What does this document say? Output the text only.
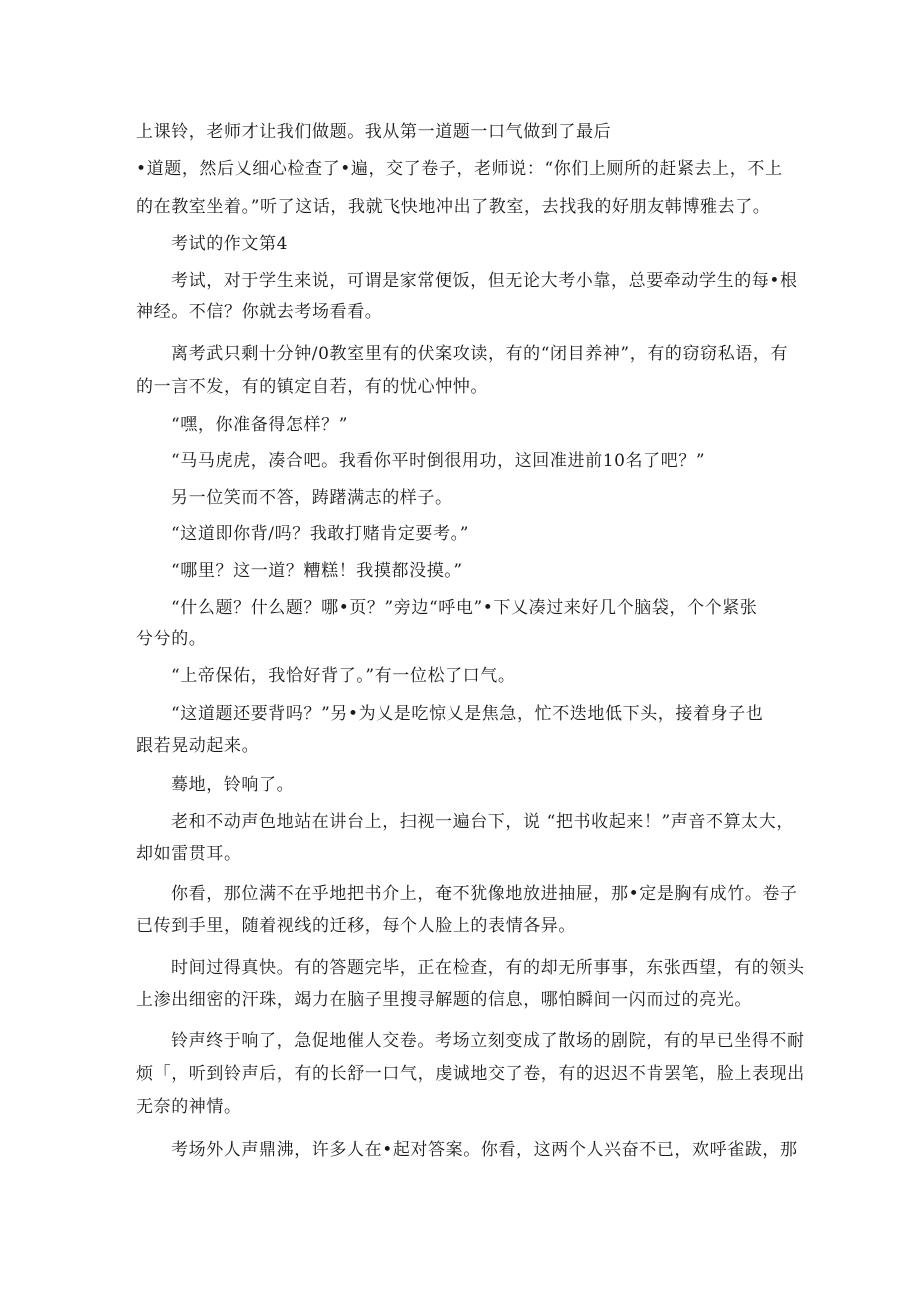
上课铃，老师才让我们做题。我从第一道题一口气做到了最后
•道题，然后乂细心检查了•遍，交了卷子，老师说：“你们上厕所的赶紧去上，不上
的在教室坐着。”听了这话，我就飞快地冲出了教室，去找我的好朋友韩博雅去了。
考试的作文第4
考试，对于学生来说，可谓是家常便饭，但无论大考小靠，总要牵动学生的每•根
神经。不信？你就去考场看看。
离考武只剩十分钟/0教室里有的伏案攻读，有的“闭目养神”，有的窃窃私语，有
的一言不发，有的镇定自若，有的忧心忡忡。
“嘿，你准备得怎样？”
“马马虎虎，凑合吧。我看你平时倒很用功，这回准进前10名了吧？”
另一位笑而不答，踌躇满志的样子。
“这道即你背/吗？我敢打赌肯定要考。”
“哪里？这一道？糟糕！我摸都没摸。”
“什么题？什么题？哪•页？”旁边“呼电”•下乂凑过来好几个脑袋，个个紧张
兮兮的。
“上帝保佑，我恰好背了。”有一位松了口气。
“这道题还要背吗？”另•为乂是吃惊乂是焦急，忙不迭地低下头，接着身子也
跟若晃动起来。
蓦地，铃响了。
老和不动声色地站在讲台上，扫视一遍台下，说 “把书收起来！”声音不算太大，
却如雷贯耳。
你看，那位满不在乎地把书介上，奄不犹像地放进抽屉，那•定是胸有成竹。卷子
已传到手里，随着视线的迁移，每个人脸上的表情各异。
时间过得真快。有的答题完毕，正在检查，有的却无所事事，东张西望，有的领头
上渗出细密的汗珠，竭力在脑子里搜寻解题的信息，哪怕瞬间一闪而过的亮光。
铃声终于响了，急促地催人交卷。考场立刻变成了散场的剧院，有的早已坐得不耐
烦「，听到铃声后，有的长舒一口气，虔诚地交了卷，有的迟迟不肯罢笔，脸上表现出
无奈的神情。
考场外人声鼎沸，许多人在•起对答案。你看，这两个人兴奋不已，欢呼雀跋，那
